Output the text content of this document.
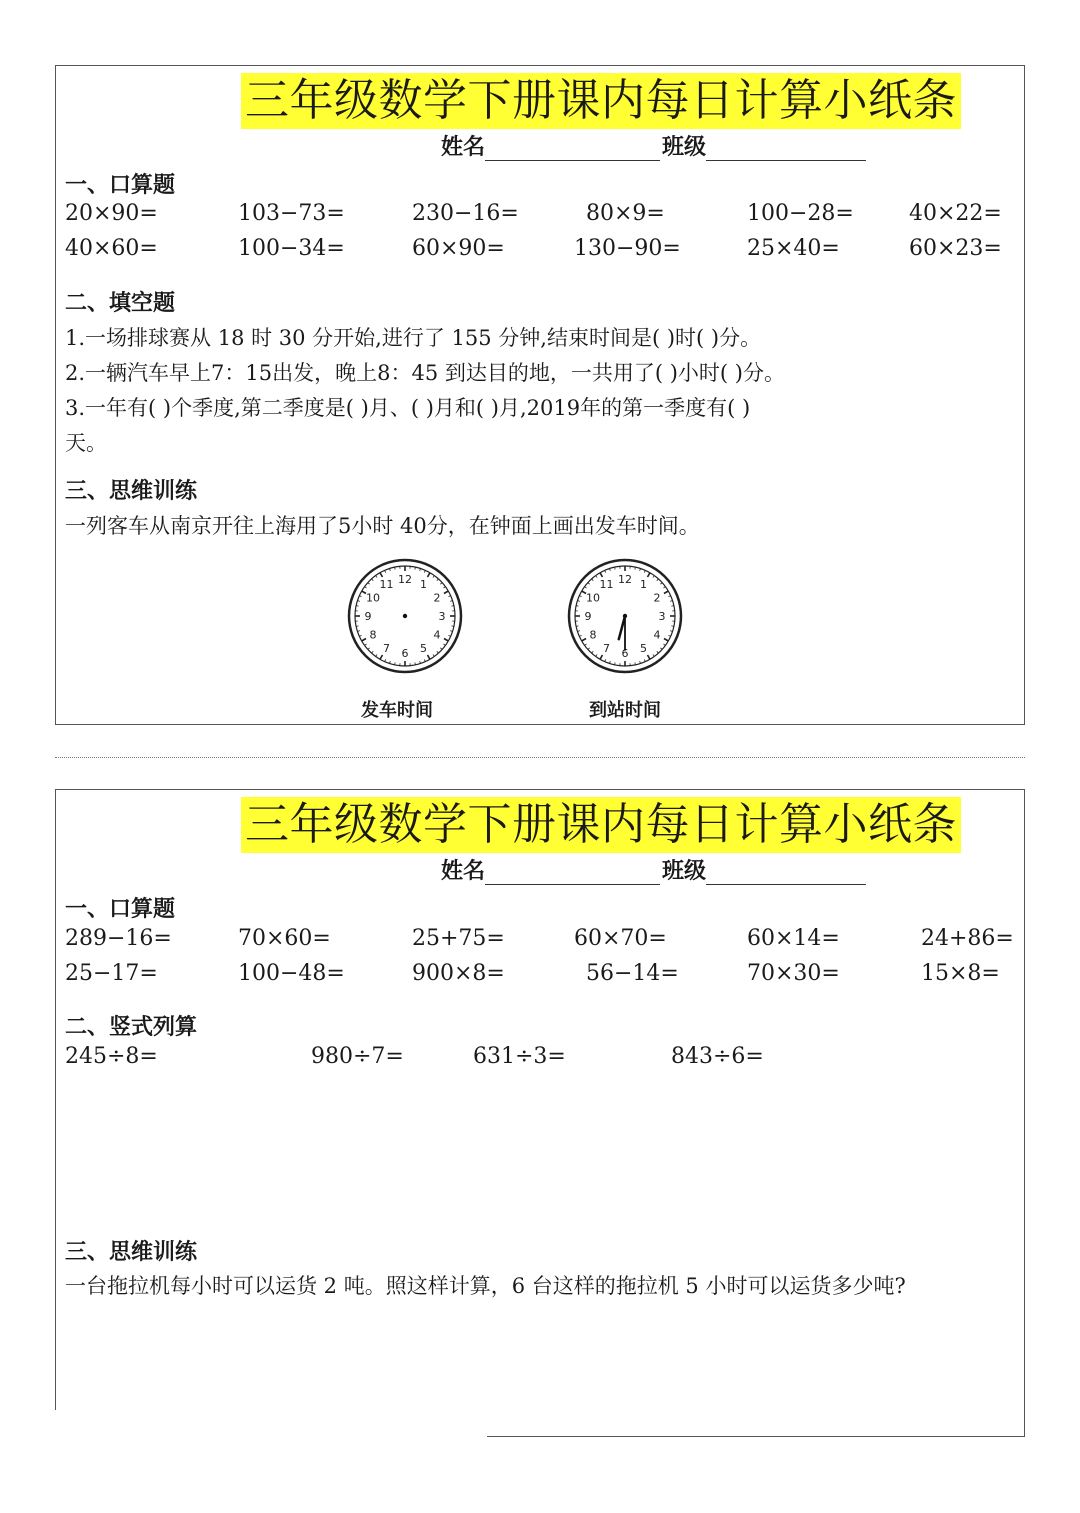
三年级数学下册课内每日计算小纸条
姓名	班级
一、口算题
20×90=	103−73=	230−16=	80×9=	100−28=	40×22=
40×60=	100−34=	60×90=	130−90=	25×40=	60×23=
二、填空题
1.一场排球赛从 18 时 30 分开始,进行了 155 分钟,结束时间是( )时( )分。
2.一辆汽车早上7：15出发，晚上8：45 到达目的地，一共用了( )小时( )分。
3.一年有( )个季度,第二季度是( )月、( )月和( )月,2019年的第一季度有( )
天。
三、思维训练
一列客车从南京开往上海用了5小时 40分，在钟面上画出发车时间。
12 1
2
3
4
5
6
7
8
9
10
11	12 1
2
3
4
5
6
7
8
9
10
11
发车时间	到站时间
三年级数学下册课内每日计算小纸条
姓名	班级
一、口算题
289−16=	70×60=	25+75=	60×70=	60×14=	24+86=
25−17=	100−48=	900×8=	56−14=	70×30=	15×8=
二、竖式列算
245÷8=	980÷7=	631÷3=	843÷6=
三、思维训练
一台拖拉机每小时可以运货 2 吨。照这样计算，6 台这样的拖拉机 5 小时可以运货多少吨?
